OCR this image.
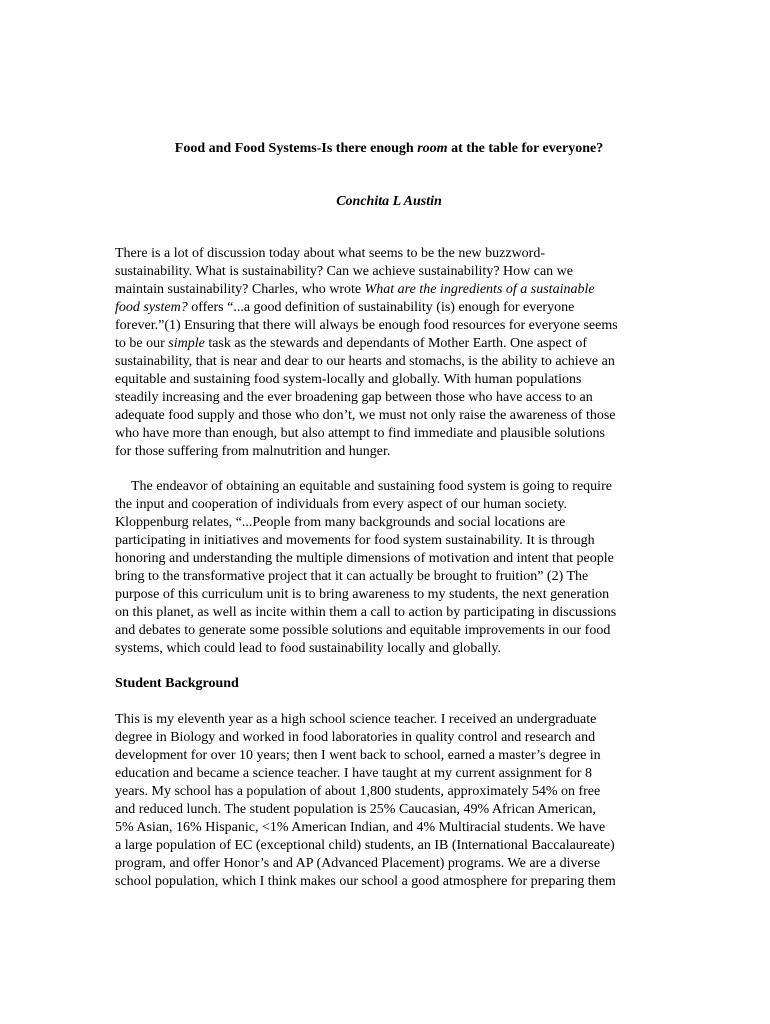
Food and Food Systems-Is there enough room at the table for everyone?

Conchita L Austin

There is a lot of discussion today about what seems to be the new buzzword-
sustainability. What is sustainability? Can we achieve sustainability? How can we
maintain sustainability? Charles, who wrote What are the ingredients of a sustainable
food system? offers “...a good definition of sustainability (is) enough for everyone
forever.”(1) Ensuring that there will always be enough food resources for everyone seems
to be our simple task as the stewards and dependants of Mother Earth. One aspect of
sustainability, that is near and dear to our hearts and stomachs, is the ability to achieve an
equitable and sustaining food system-locally and globally. With human populations
steadily increasing and the ever broadening gap between those who have access to an
adequate food supply and those who don’t, we must not only raise the awareness of those
who have more than enough, but also attempt to find immediate and plausible solutions
for those suffering from malnutrition and hunger.

The endeavor of obtaining an equitable and sustaining food system is going to require
the input and cooperation of individuals from every aspect of our human society.
Kloppenburg relates, “...People from many backgrounds and social locations are
participating in initiatives and movements for food system sustainability. It is through
honoring and understanding the multiple dimensions of motivation and intent that people
bring to the transformative project that it can actually be brought to fruition” (2) The
purpose of this curriculum unit is to bring awareness to my students, the next generation
on this planet, as well as incite within them a call to action by participating in discussions
and debates to generate some possible solutions and equitable improvements in our food
systems, which could lead to food sustainability locally and globally.

Student Background

This is my eleventh year as a high school science teacher. I received an undergraduate
degree in Biology and worked in food laboratories in quality control and research and
development for over 10 years; then I went back to school, earned a master’s degree in
education and became a science teacher. I have taught at my current assignment for 8
years. My school has a population of about 1,800 students, approximately 54% on free
and reduced lunch. The student population is 25% Caucasian, 49% African American,
5% Asian, 16% Hispanic, <1% American Indian, and 4% Multiracial students. We have
a large population of EC (exceptional child) students, an IB (International Baccalaureate)
program, and offer Honor’s and AP (Advanced Placement) programs. We are a diverse
school population, which I think makes our school a good atmosphere for preparing them
